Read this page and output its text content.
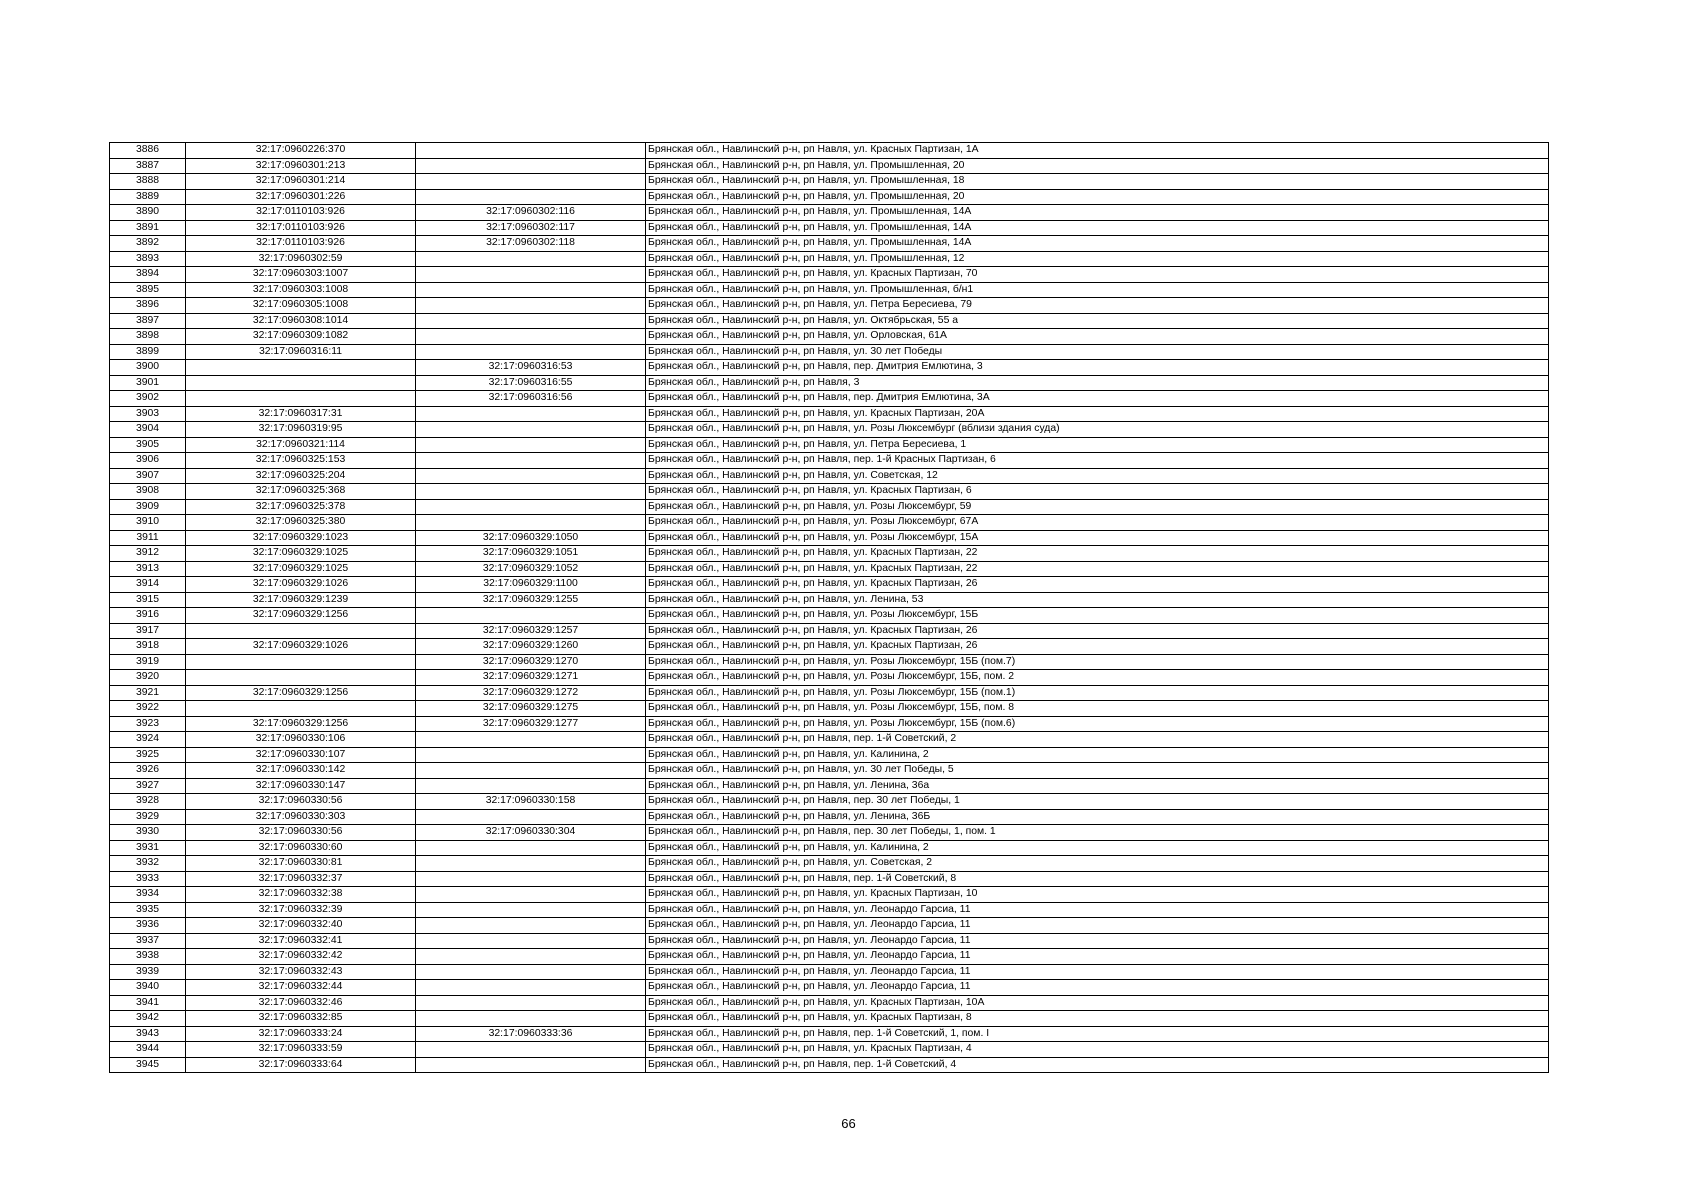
3886	32:17:0960226:370		Брянская обл., Навлинский р-н, рп Навля, ул. Красных Партизан, 1А
3887	32:17:0960301:213		Брянская обл., Навлинский р-н, рп Навля, ул. Промышленная, 20
3888	32:17:0960301:214		Брянская обл., Навлинский р-н, рп Навля, ул. Промышленная, 18
3889	32:17:0960301:226		Брянская обл., Навлинский р-н, рп Навля, ул. Промышленная, 20
3890	32:17:0110103:926	32:17:0960302:116	Брянская обл., Навлинский р-н, рп Навля, ул. Промышленная, 14А
3891	32:17:0110103:926	32:17:0960302:117	Брянская обл., Навлинский р-н, рп Навля, ул. Промышленная, 14А
3892	32:17:0110103:926	32:17:0960302:118	Брянская обл., Навлинский р-н, рп Навля, ул. Промышленная, 14А
3893	32:17:0960302:59		Брянская обл., Навлинский р-н, рп Навля, ул. Промышленная, 12
3894	32:17:0960303:1007		Брянская обл., Навлинский р-н, рп Навля, ул. Красных Партизан, 70
3895	32:17:0960303:1008		Брянская обл., Навлинский р-н, рп Навля, ул. Промышленная, б/н1
3896	32:17:0960305:1008		Брянская обл., Навлинский р-н, рп Навля, ул. Петра Бересиева, 79
3897	32:17:0960308:1014		Брянская обл., Навлинский р-н, рп Навля, ул. Октябрьская, 55 а
3898	32:17:0960309:1082		Брянская обл., Навлинский р-н, рп Навля, ул. Орловская, 61А
3899	32:17:0960316:11		Брянская обл., Навлинский р-н, рп Навля, ул. 30 лет Победы
3900		32:17:0960316:53	Брянская обл., Навлинский р-н, рп Навля, пер. Дмитрия Емлютина, 3
3901		32:17:0960316:55	Брянская обл., Навлинский р-н, рп Навля, 3
3902		32:17:0960316:56	Брянская обл., Навлинский р-н, рп Навля, пер. Дмитрия Емлютина, 3А
3903	32:17:0960317:31		Брянская обл., Навлинский р-н, рп Навля, ул. Красных Партизан, 20А
3904	32:17:0960319:95		Брянская обл., Навлинский р-н, рп Навля, ул. Розы Люксембург (вблизи здания суда)
3905	32:17:0960321:114		Брянская обл., Навлинский р-н, рп Навля, ул. Петра Бересиева, 1
3906	32:17:0960325:153		Брянская обл., Навлинский р-н, рп Навля, пер. 1-й Красных Партизан, 6
3907	32:17:0960325:204		Брянская обл., Навлинский р-н, рп Навля, ул. Советская, 12
3908	32:17:0960325:368		Брянская обл., Навлинский р-н, рп Навля, ул. Красных Партизан, 6
3909	32:17:0960325:378		Брянская обл., Навлинский р-н, рп Навля, ул. Розы Люксембург, 59
3910	32:17:0960325:380		Брянская обл., Навлинский р-н, рп Навля, ул. Розы Люксембург, 67А
3911	32:17:0960329:1023	32:17:0960329:1050	Брянская обл., Навлинский р-н, рп Навля, ул. Розы Люксембург, 15А
3912	32:17:0960329:1025	32:17:0960329:1051	Брянская обл., Навлинский р-н, рп Навля, ул. Красных Партизан, 22
3913	32:17:0960329:1025	32:17:0960329:1052	Брянская обл., Навлинский р-н, рп Навля, ул. Красных Партизан, 22
3914	32:17:0960329:1026	32:17:0960329:1100	Брянская обл., Навлинский р-н, рп Навля, ул. Красных Партизан, 26
3915	32:17:0960329:1239	32:17:0960329:1255	Брянская обл., Навлинский р-н, рп Навля, ул. Ленина, 53
3916	32:17:0960329:1256		Брянская обл., Навлинский р-н, рп Навля, ул. Розы Люксембург, 15Б
3917		32:17:0960329:1257	Брянская обл., Навлинский р-н, рп Навля, ул. Красных Партизан, 26
3918	32:17:0960329:1026	32:17:0960329:1260	Брянская обл., Навлинский р-н, рп Навля, ул. Красных Партизан, 26
3919		32:17:0960329:1270	Брянская обл., Навлинский р-н, рп Навля, ул. Розы Люксембург, 15Б (пом.7)
3920		32:17:0960329:1271	Брянская обл., Навлинский р-н, рп Навля, ул. Розы Люксембург, 15Б, пом. 2
3921	32:17:0960329:1256	32:17:0960329:1272	Брянская обл., Навлинский р-н, рп Навля, ул. Розы Люксембург, 15Б (пом.1)
3922		32:17:0960329:1275	Брянская обл., Навлинский р-н, рп Навля, ул. Розы Люксембург, 15Б, пом. 8
3923	32:17:0960329:1256	32:17:0960329:1277	Брянская обл., Навлинский р-н, рп Навля, ул. Розы Люксембург, 15Б (пом.6)
3924	32:17:0960330:106		Брянская обл., Навлинский р-н, рп Навля, пер. 1-й Советский, 2
3925	32:17:0960330:107		Брянская обл., Навлинский р-н, рп Навля, ул. Калинина, 2
3926	32:17:0960330:142		Брянская обл., Навлинский р-н, рп Навля, ул. 30 лет Победы, 5
3927	32:17:0960330:147		Брянская обл., Навлинский р-н, рп Навля, ул. Ленина, 36а
3928	32:17:0960330:56	32:17:0960330:158	Брянская обл., Навлинский р-н, рп Навля, пер. 30 лет Победы, 1
3929	32:17:0960330:303		Брянская обл., Навлинский р-н, рп Навля, ул. Ленина, 36Б
3930	32:17:0960330:56	32:17:0960330:304	Брянская обл., Навлинский р-н, рп Навля, пер. 30 лет Победы, 1, пом. 1
3931	32:17:0960330:60		Брянская обл., Навлинский р-н, рп Навля, ул. Калинина, 2
3932	32:17:0960330:81		Брянская обл., Навлинский р-н, рп Навля, ул. Советская, 2
3933	32:17:0960332:37		Брянская обл., Навлинский р-н, рп Навля, пер. 1-й Советский, 8
3934	32:17:0960332:38		Брянская обл., Навлинский р-н, рп Навля, ул. Красных Партизан, 10
3935	32:17:0960332:39		Брянская обл., Навлинский р-н, рп Навля, ул. Леонардо Гарсиа, 11
3936	32:17:0960332:40		Брянская обл., Навлинский р-н, рп Навля, ул. Леонардо Гарсиа, 11
3937	32:17:0960332:41		Брянская обл., Навлинский р-н, рп Навля, ул. Леонардо Гарсиа, 11
3938	32:17:0960332:42		Брянская обл., Навлинский р-н, рп Навля, ул. Леонардо Гарсиа, 11
3939	32:17:0960332:43		Брянская обл., Навлинский р-н, рп Навля, ул. Леонардо Гарсиа, 11
3940	32:17:0960332:44		Брянская обл., Навлинский р-н, рп Навля, ул. Леонардо Гарсиа, 11
3941	32:17:0960332:46		Брянская обл., Навлинский р-н, рп Навля, ул. Красных Партизан, 10А
3942	32:17:0960332:85		Брянская обл., Навлинский р-н, рп Навля, ул. Красных Партизан, 8
3943	32:17:0960333:24	32:17:0960333:36	Брянская обл., Навлинский р-н, рп Навля, пер. 1-й Советский, 1, пом. I
3944	32:17:0960333:59		Брянская обл., Навлинский р-н, рп Навля, ул. Красных Партизан, 4
3945	32:17:0960333:64		Брянская обл., Навлинский р-н, рп Навля, пер. 1-й Советский, 4
66
